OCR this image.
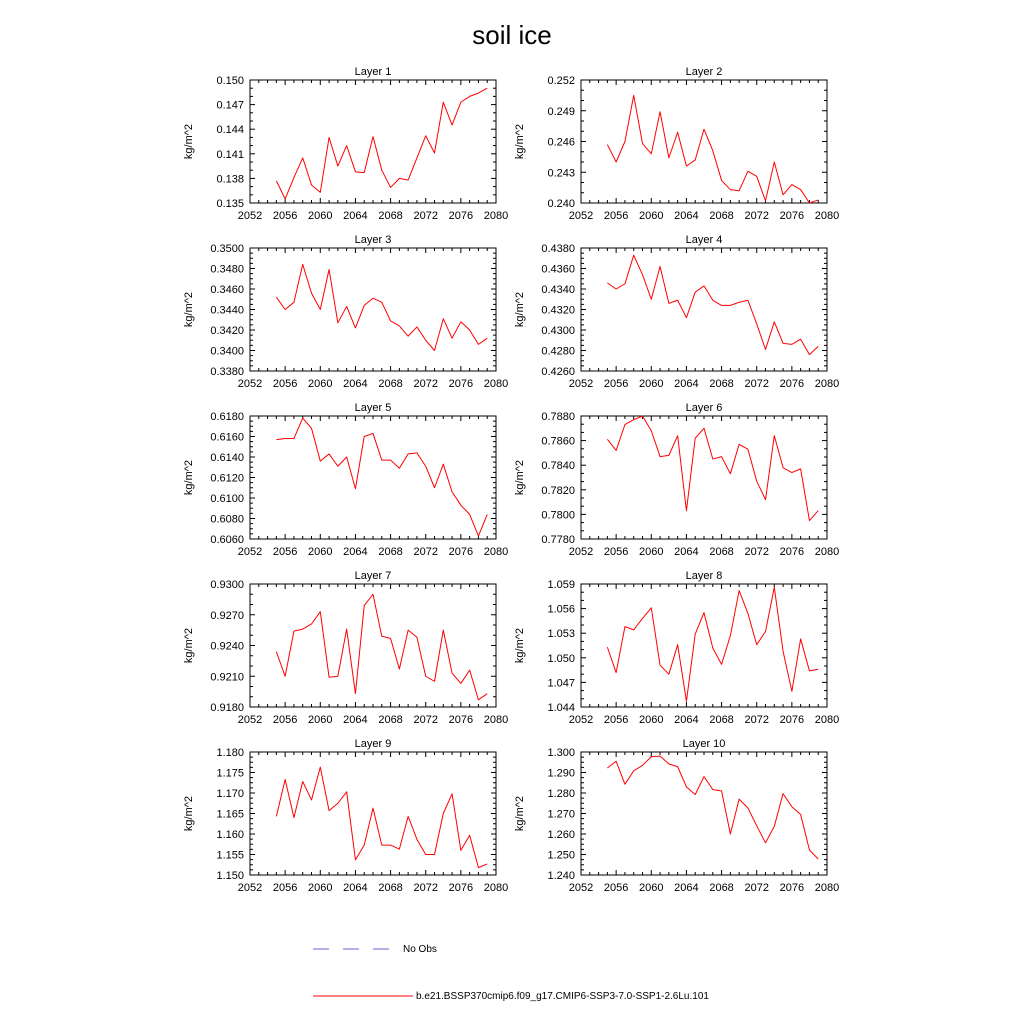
soil ice
Layer 1
kg/m^2
2052 2056 2060 2064 2068 2072 2076 2080
0.135
0.138
0.141
0.144
0.147
0.150
Layer 2
kg/m^2
2052 2056 2060 2064 2068 2072 2076 2080
0.240
0.243
0.246
0.249
0.252
Layer 3
kg/m^2
2052 2056 2060 2064 2068 2072 2076 2080
0.3380
0.3400
0.3420
0.3440
0.3460
0.3480
0.3500
Layer 4
kg/m^2
2052 2056 2060 2064 2068 2072 2076 2080
0.4260
0.4280
0.4300
0.4320
0.4340
0.4360
0.4380
Layer 5
kg/m^2
2052 2056 2060 2064 2068 2072 2076 2080
0.6060
0.6080
0.6100
0.6120
0.6140
0.6160
0.6180
Layer 6
kg/m^2
2052 2056 2060 2064 2068 2072 2076 2080
0.7780
0.7800
0.7820
0.7840
0.7860
0.7880
Layer 7
kg/m^2
2052 2056 2060 2064 2068 2072 2076 2080
0.9180
0.9210
0.9240
0.9270
0.9300
Layer 8
kg/m^2
2052 2056 2060 2064 2068 2072 2076 2080
1.044
1.047
1.050
1.053
1.056
1.059
Layer 9
kg/m^2
2052 2056 2060 2064 2068 2072 2076 2080
1.150
1.155
1.160
1.165
1.170
1.175
1.180
Layer 10
kg/m^2
2052 2056 2060 2064 2068 2072 2076 2080
1.240
1.250
1.260
1.270
1.280
1.290
1.300
No Obs
b.e21.BSSP370cmip6.f09_g17.CMIP6-SSP3-7.0-SSP1-2.6Lu.101
